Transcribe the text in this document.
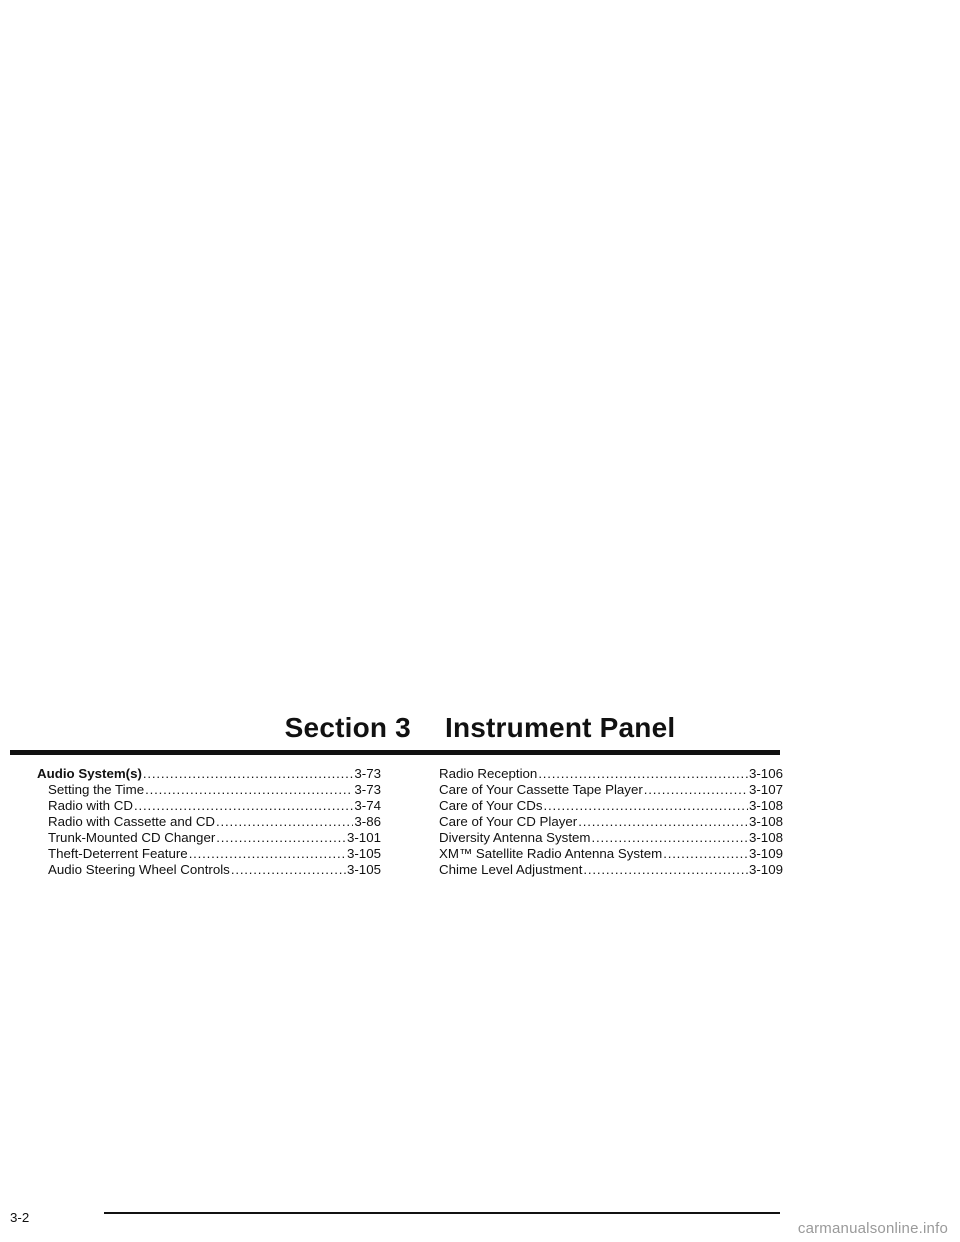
Section 3 Instrument Panel
Audio System(s) .....	3-73
Setting the Time .....	3-73
Radio with CD .....	3-74
Radio with Cassette and CD .....	3-86
Trunk-Mounted CD Changer .....	3-101
Theft-Deterrent Feature .....	3-105
Audio Steering Wheel Controls .....	3-105
Radio Reception .....	3-106
Care of Your Cassette Tape Player .....	3-107
Care of Your CDs .....	3-108
Care of Your CD Player .....	3-108
Diversity Antenna System .....	3-108
XM™ Satellite Radio Antenna System .....	3-109
Chime Level Adjustment .....	3-109
3-2
carmanualsonline.info
